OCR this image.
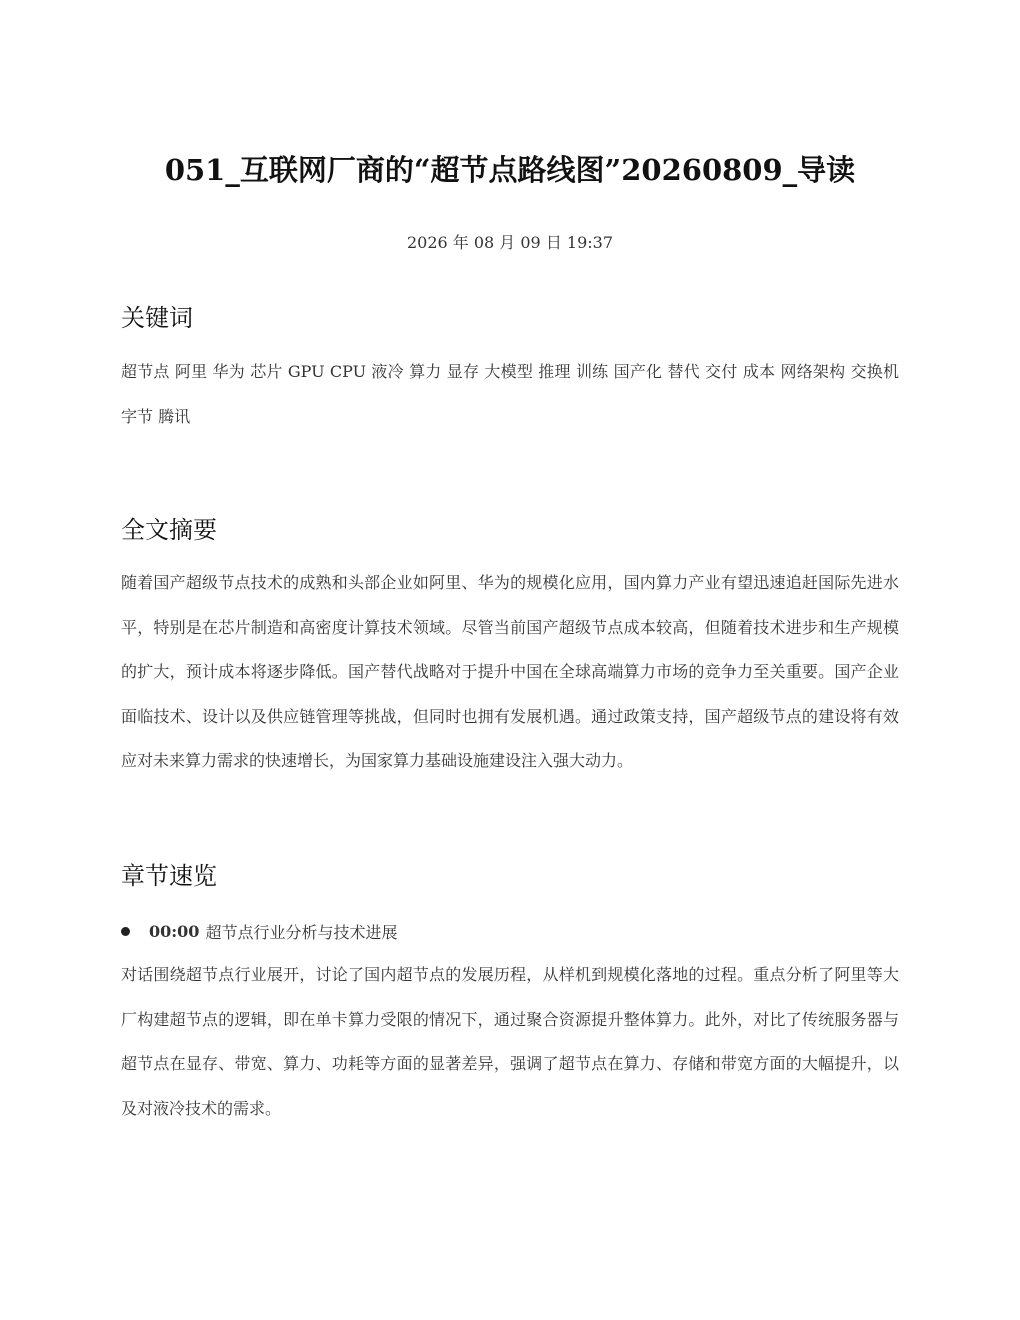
051_互联网厂商的“超节点路线图”20260809_导读
2026 年 08 月 09 日 19:37
关键词
超节点 阿里 华为 芯片 GPU CPU 液冷 算力 显存 大模型 推理 训练 国产化 替代 交付 成本 网络架构 交换机 字节 腾讯
全文摘要
随着国产超级节点技术的成熟和头部企业如阿里、华为的规模化应用，国内算力产业有望迅速追赶国际先进水平，特别是在芯片制造和高密度计算技术领域。尽管当前国产超级节点成本较高，但随着技术进步和生产规模的扩大，预计成本将逐步降低。国产替代战略对于提升中国在全球高端算力市场的竞争力至关重要。国产企业面临技术、设计以及供应链管理等挑战，但同时也拥有发展机遇。通过政策支持，国产超级节点的建设将有效应对未来算力需求的快速增长，为国家算力基础设施建设注入强大动力。
章节速览
00:00 超节点行业分析与技术进展
对话围绕超节点行业展开，讨论了国内超节点的发展历程，从样机到规模化落地的过程。重点分析了阿里等大厂构建超节点的逻辑，即在单卡算力受限的情况下，通过聚合资源提升整体算力。此外，对比了传统服务器与超节点在显存、带宽、算力、功耗等方面的显著差异，强调了超节点在算力、存储和带宽方面的大幅提升，以及对液冷技术的需求。
